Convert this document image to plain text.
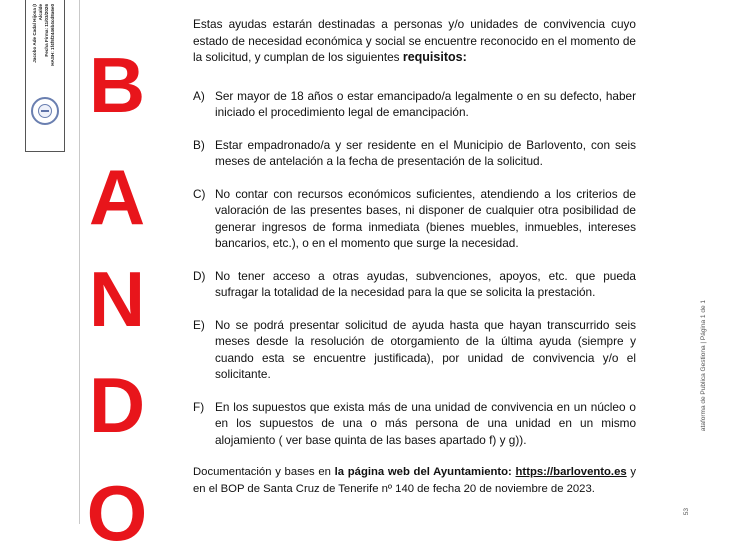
Jacobo Ade Cadal Hijosa (I Alcalde Fecha Firma: 11/03/2026 HASH: 1f4f5f2446b4cd8a6e0
B
A
N
D
O

Estas ayudas estarán destinadas a personas y/o unidades de convivencia cuyo estado de necesidad económica y social se encuentre reconocido en el momento de la solicitud, y cumplan de los siguientes requisitos:

A) Ser mayor de 18 años o estar emancipado/a legalmente o en su defecto, haber iniciado el procedimiento legal de emancipación.
B) Estar empadronado/a y ser residente en el Municipio de Barlovento, con seis meses de antelación a la fecha de presentación de la solicitud.
C) No contar con recursos económicos suficientes, atendiendo a los criterios de valoración de las presentes bases, ni disponer de cualquier otra posibilidad de generar ingresos de forma inmediata (bienes muebles, inmuebles, intereses bancarios, etc.), o en el momento que surge la necesidad.
D) No tener acceso a otras ayudas, subvenciones, apoyos, etc. que pueda sufragar la totalidad de la necesidad para la que se solicita la prestación.
E) No se podrá presentar solicitud de ayuda hasta que hayan transcurrido seis meses desde la resolución de otorgamiento de la última ayuda (siempre y cuando esta se encuentre justificada), por unidad de convivencia y/o el solicitante.
F) En los supuestos que exista más de una unidad de convivencia en un núcleo o en los supuestos de una o más persona de una unidad en un mismo alojamiento ( ver base quinta de las bases apartado f) y g)).

Documentación y bases en la página web del Ayuntamiento: https://barlovento.es y en el BOP de Santa Cruz de Tenerife nº 140 de fecha 20 de noviembre de 2023.

ataforma de Publica Gestiona | Página 1 de 1
53
